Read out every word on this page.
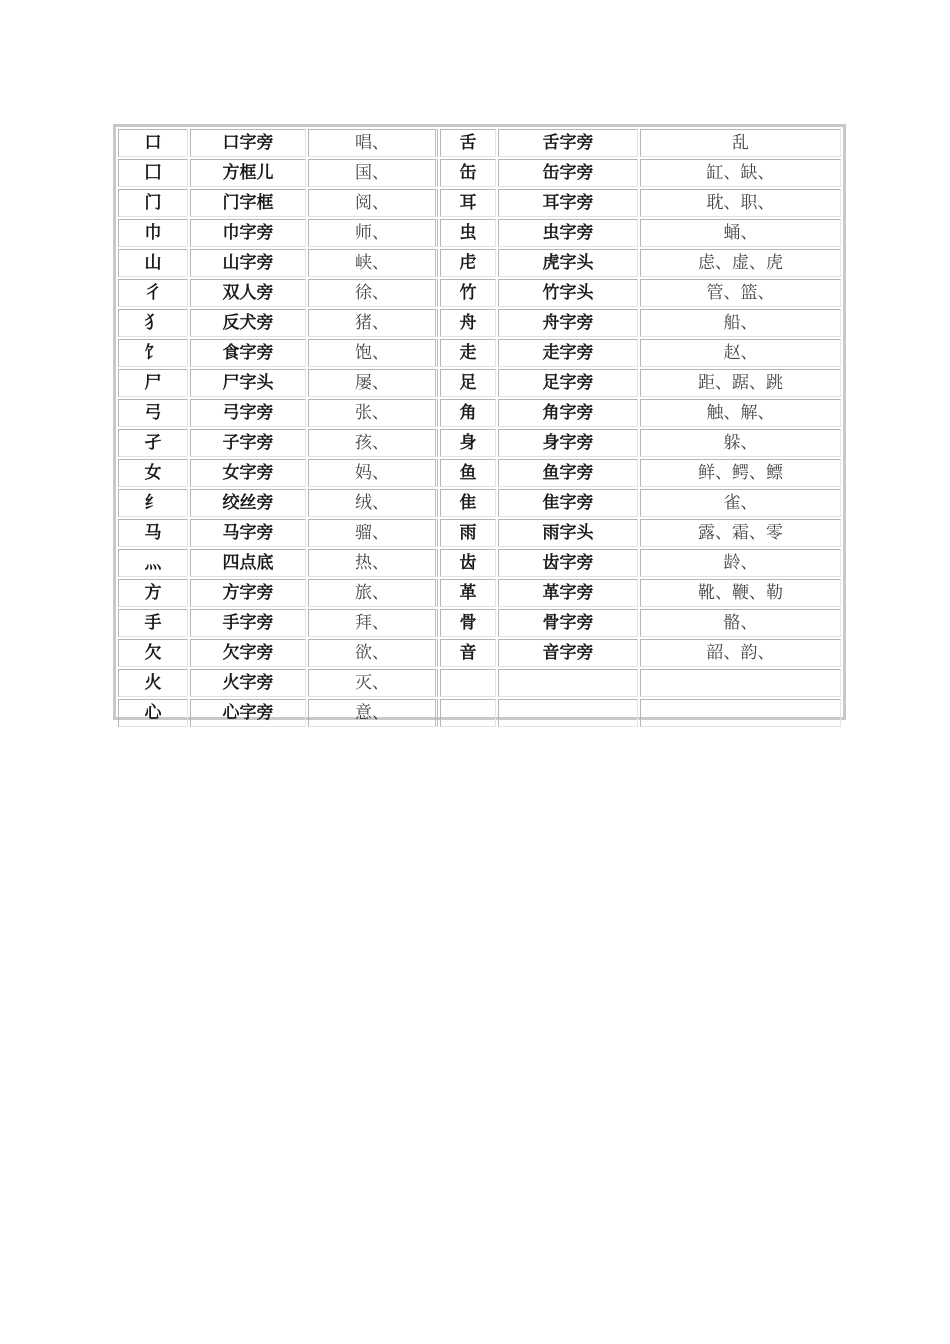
口	口字旁	唱、	舌	舌字旁	乱
囗	方框儿	国、	缶	缶字旁	缸、缺、
门	门字框	阅、	耳	耳字旁	耽、职、
巾	巾字旁	师、	虫	虫字旁	蛹、
山	山字旁	峡、	虍	虎字头	虑、虚、虎
彳	双人旁	徐、	竹	竹字头	管、篮、
犭	反犬旁	猪、	舟	舟字旁	船、
饣	食字旁	饱、	走	走字旁	赵、
尸	尸字头	屡、	足	足字旁	距、踞、跳
弓	弓字旁	张、	角	角字旁	触、解、
孑	子字旁	孩、	身	身字旁	躲、
女	女字旁	妈、	鱼	鱼字旁	鲜、鳄、鳔
纟	绞丝旁	绒、	隹	隹字旁	雀、
马	马字旁	骝、	雨	雨字头	露、霜、零
灬	四点底	热、	齿	齿字旁	龄、
方	方字旁	旅、	革	革字旁	靴、鞭、勒
手	手字旁	拜、	骨	骨字旁	骼、
欠	欠字旁	欲、	音	音字旁	韶、韵、
火	火字旁	灭、			
心	心字旁	意、			
